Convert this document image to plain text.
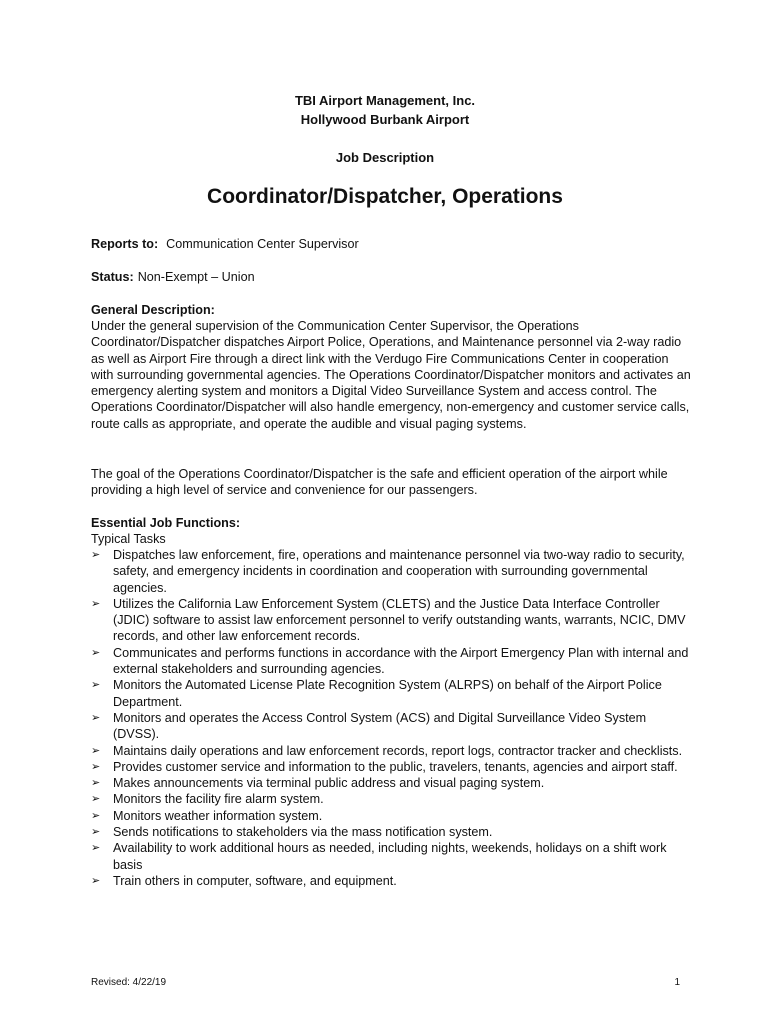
TBI Airport Management, Inc.

Hollywood Burbank Airport

Job Description

Coordinator/Dispatcher, Operations

Reports to: Communication Center Supervisor

Status: Non-Exempt – Union

General Description:

Under the general supervision of the Communication Center Supervisor, the Operations Coordinator/Dispatcher dispatches Airport Police, Operations, and Maintenance personnel via 2-way radio as well as Airport Fire through a direct link with the Verdugo Fire Communications Center in cooperation with surrounding governmental agencies. The Operations Coordinator/Dispatcher monitors and activates an emergency alerting system and monitors a Digital Video Surveillance System and access control. The Operations Coordinator/Dispatcher will also handle emergency, non-emergency and customer service calls, route calls as appropriate, and operate the audible and visual paging systems.

The goal of the Operations Coordinator/Dispatcher is the safe and efficient operation of the airport while providing a high level of service and convenience for our passengers.

Essential Job Functions:

Typical Tasks

➢	Dispatches law enforcement, fire, operations and maintenance personnel via two-way radio to security, safety, and emergency incidents in coordination and cooperation with surrounding governmental agencies.
➢	Utilizes the California Law Enforcement System (CLETS) and the Justice Data Interface Controller (JDIC) software to assist law enforcement personnel to verify outstanding wants, warrants, NCIC, DMV records, and other law enforcement records.
➢	Communicates and performs functions in accordance with the Airport Emergency Plan with internal and external stakeholders and surrounding agencies.
➢	Monitors the Automated License Plate Recognition System (ALRPS) on behalf of the Airport Police Department.
➢	Monitors and operates the Access Control System (ACS) and Digital Surveillance Video System (DVSS).
➢	Maintains daily operations and law enforcement records, report logs, contractor tracker and checklists.
➢	Provides customer service and information to the public, travelers, tenants, agencies and airport staff.
➢	Makes announcements via terminal public address and visual paging system.
➢	Monitors the facility fire alarm system.
➢	Monitors weather information system.
➢	Sends notifications to stakeholders via the mass notification system.
➢	Availability to work additional hours as needed, including nights, weekends, holidays on a shift work basis
➢	Train others in computer, software, and equipment.

Revised: 4/22/19	1
